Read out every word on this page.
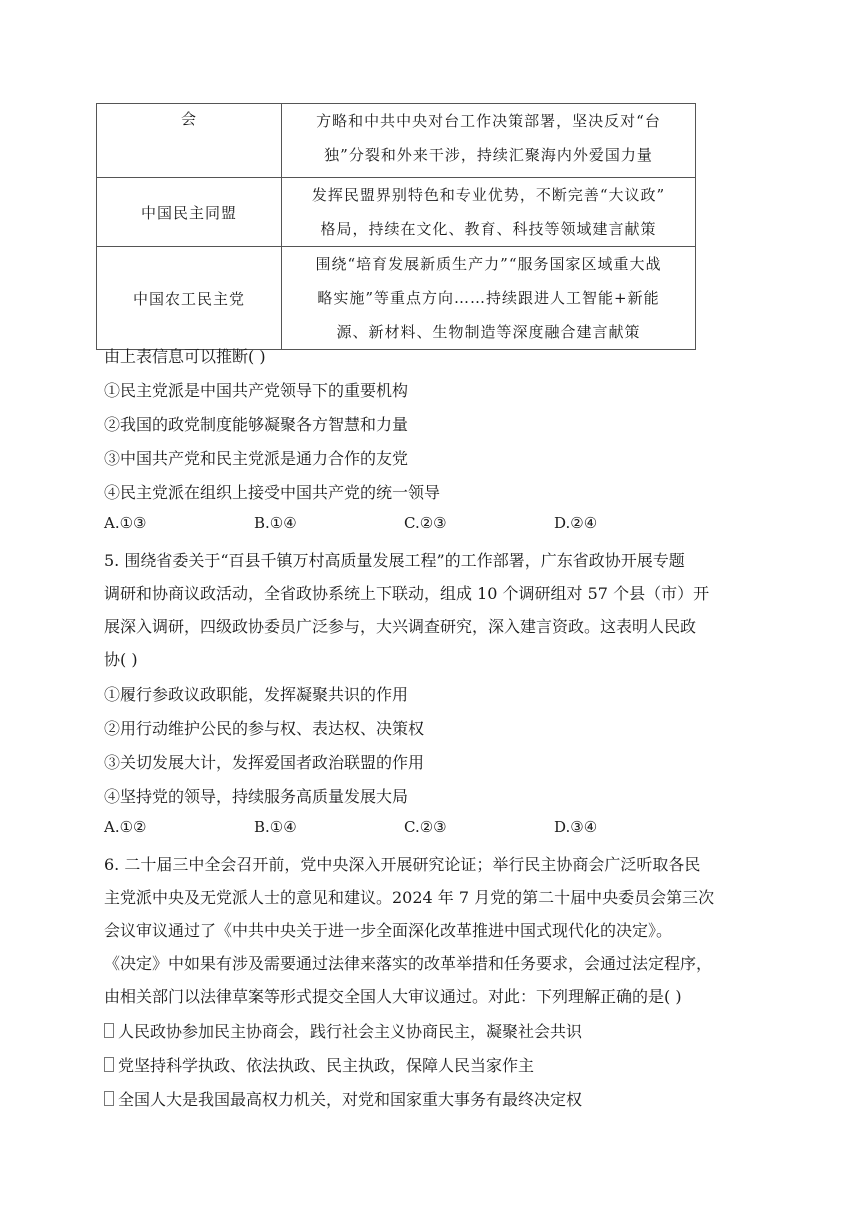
会	方略和中共中央对台工作决策部署，坚决反对“台
独”分裂和外来干涉，持续汇聚海内外爱国力量

中国民主同盟	发挥民盟界别特色和专业优势，不断完善“大议政”
格局，持续在文化、教育、科技等领域建言献策

中国农工民主党	围绕“培育发展新质生产力”“服务国家区域重大战
略实施”等重点方向……持续跟进人工智能+新能
源、新材料、生物制造等深度融合建言献策
由上表信息可以推断( )
①民主党派是中国共产党领导下的重要机构
②我国的政党制度能够凝聚各方智慧和力量
③中国共产党和民主党派是通力合作的友党
④民主党派在组织上接受中国共产党的统一领导
A.①③	B.①④	C.②③	D.②④
5. 围绕省委关于“百县千镇万村高质量发展工程”的工作部署，广东省政协开展专题
调研和协商议政活动，全省政协系统上下联动，组成 10 个调研组对 57 个县（市）开
展深入调研，四级政协委员广泛参与，大兴调查研究，深入建言资政。这表明人民政
协( )
①履行参政议政职能，发挥凝聚共识的作用
②用行动维护公民的参与权、表达权、决策权
③关切发展大计，发挥爱国者政治联盟的作用
④坚持党的领导，持续服务高质量发展大局
A.①②	B.①④	C.②③	D.③④
6. 二十届三中全会召开前，党中央深入开展研究论证；举行民主协商会广泛听取各民
主党派中央及无党派人士的意见和建议。2024 年 7 月党的第二十届中央委员会第三次
会议审议通过了《中共中央关于进一步全面深化改革推进中国式现代化的决定》。
《决定》中如果有涉及需要通过法律来落实的改革举措和任务要求，会通过法定程序，
由相关部门以法律草案等形式提交全国人大审议通过。对此：下列理解正确的是( )
人民政协参加民主协商会，践行社会主义协商民主，凝聚社会共识
党坚持科学执政、依法执政、民主执政，保障人民当家作主
全国人大是我国最高权力机关，对党和国家重大事务有最终决定权
